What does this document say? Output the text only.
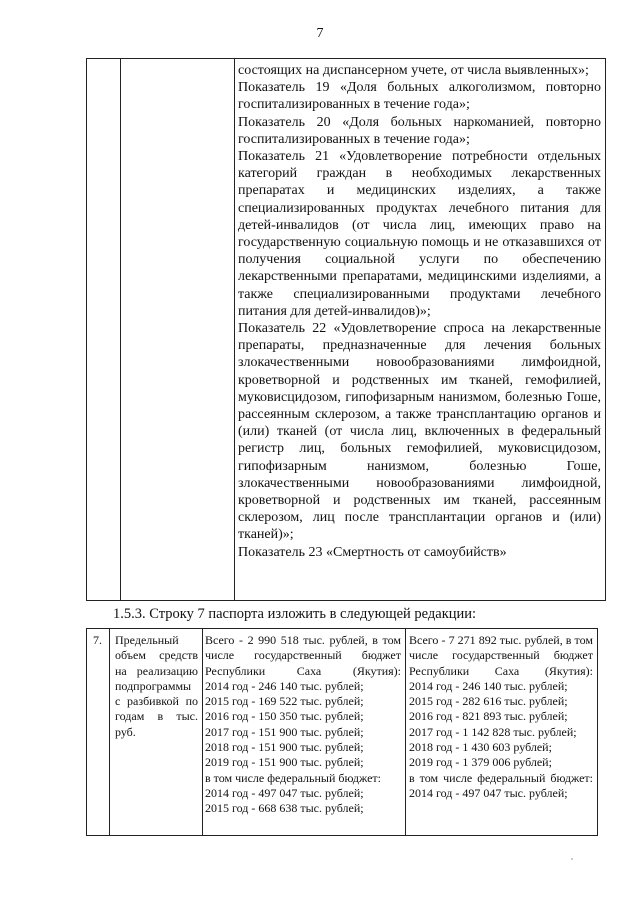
7

состоящих на диспансерном учете, от числа выявленных»;

Показатель 19 «Доля больных алкоголизмом, повторно госпитализированных в течение года»;

Показатель 20 «Доля больных наркоманией, повторно госпитализированных в течение года»;

Показатель 21 «Удовлетворение потребности отдельных категорий граждан в необходимых лекарственных препаратах и медицинских изделиях, а также специализированных продуктах лечебного питания для детей-инвалидов (от числа лиц, имеющих право на государственную социальную помощь и не отказавшихся от получения социальной услуги по обеспечению лекарственными препаратами, медицинскими изделиями, а также специализированными продуктами лечебного питания для детей-инвалидов)»;

Показатель 22 «Удовлетворение спроса на лекарственные препараты, предназначенные для лечения больных злокачественными новообразованиями лимфоидной, кроветворной и родственных им тканей, гемофилией, муковисцидозом, гипофизарным нанизмом, болезнью Гоше, рассеянным склерозом, а также трансплантацию органов и (или) тканей (от числа лиц, включенных в федеральный регистр лиц, больных гемофилией, муковисцидозом, гипофизарным нанизмом, болезнью Гоше, злокачественными новообразованиями лимфоидной, кроветворной и родственных им тканей, рассеянным склерозом, лиц после трансплантации органов и (или) тканей)»;

Показатель 23 «Смертность от самоубийств»

1.5.3. Строку 7 паспорта изложить в следующей редакции:
7. Предельный объем средств на реализацию подпрограммы с разбивкой по годам в тыс. руб.

Всего - 2 990 518 тыс. рублей, в том числе государственный бюджет Республики Саха (Якутия):

2014 год - 246 140 тыс. рублей;

2015 год - 169 522 тыс. рублей;

2016 год - 150 350 тыс. рублей;

2017 год - 151 900 тыс. рублей;

2018 год - 151 900 тыс. рублей;

2019 год - 151 900 тыс. рублей;

в том числе федеральный бюджет:

2014 год - 497 047 тыс. рублей;

2015 год - 668 638 тыс. рублей;

Всего - 7 271 892 тыс. рублей, в том числе государственный бюджет Республики Саха (Якутия):

2014 год - 246 140 тыс. рублей;

2015 год - 282 616 тыс. рублей;

2016 год - 821 893 тыс. рублей;

2017 год - 1 142 828 тыс. рублей;

2018 год - 1 430 603 рублей;

2019 год - 1 379 006 рублей;

в том числе федеральный бюджет:

2014 год - 497 047 тыс. рублей;
